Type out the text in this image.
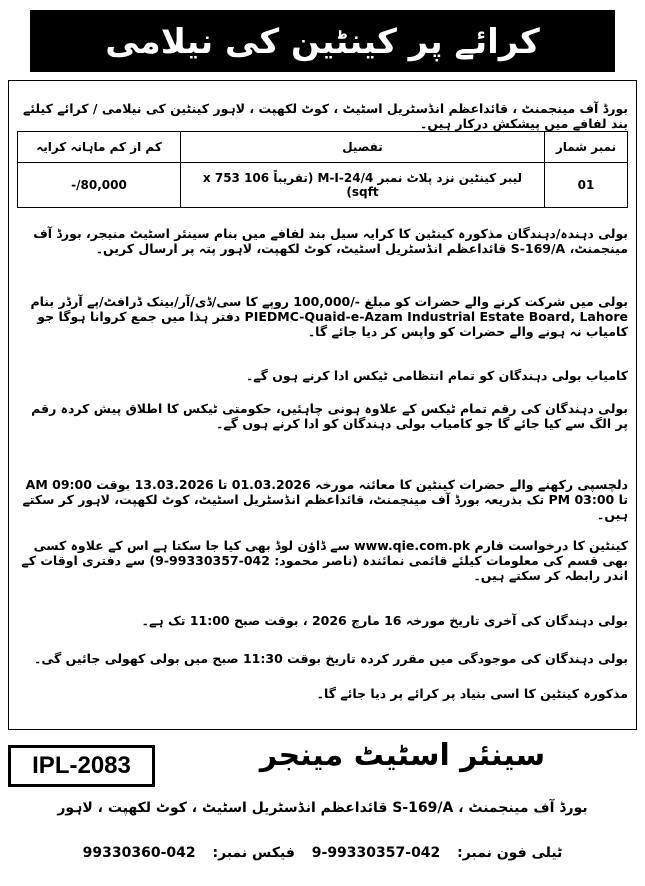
کرائے پر کینٹین کی نیلامی
بورڈ آف مینجمنٹ ، قائداعظم انڈسٹریل اسٹیٹ ، کوٹ لکھپت ، لاہور کینٹین کی نیلامی / کرائے کیلئے بند لفافے میں پیشکش درکار ہیں۔
نمبر شمار	تفصیل	کم از کم ماہانہ کرایہ
01	لیبر کینٹین نزد پلاٹ نمبر 24/4-M-I (تقریباً 106 x 753 sqft)	80,000/-
بولی دہندہ/دہندگان مذکورہ کینٹین کا کرایہ سیل بند لفافے میں بنام سینئر اسٹیٹ منیجر، بورڈ آف مینجمنٹ، S-169/A قائداعظم انڈسٹریل اسٹیٹ، کوٹ لکھپت، لاہور پتہ پر ارسال کریں۔
بولی میں شرکت کرنے والے حضرات کو مبلغ -/100,000 روپے کا سی/ڈی/آر/بینک ڈرافٹ/پے آرڈر بنام PIEDMC-Quaid-e-Azam Industrial Estate Board, Lahore دفتر ہذا میں جمع کروانا ہوگا جو کامیاب نہ ہونے والے حضرات کو واپس کر دیا جائے گا۔
کامیاب بولی دہندگان کو تمام انتظامی ٹیکس ادا کرنے ہوں گے۔
بولی دہندگان کی رقم تمام ٹیکس کے علاوہ ہونی چاہئیں، حکومتی ٹیکس کا اطلاق پیش کردہ رقم پر الگ سے کیا جائے گا جو کامیاب بولی دہندگان کو ادا کرنے ہوں گے۔
دلچسپی رکھنے والے حضرات کینٹین کا معائنہ مورخہ 01.03.2026 تا 13.03.2026 بوقت 09:00 AM تا 03:00 PM تک بذریعہ بورڈ آف مینجمنٹ، قائداعظم انڈسٹریل اسٹیٹ، کوٹ لکھپت، لاہور کر سکتے ہیں۔
کینٹین کا درخواست فارم www.qie.com.pk سے ڈاؤن لوڈ بھی کیا جا سکتا ہے اس کے علاوہ کسی بھی قسم کی معلومات کیلئے قائمی نمائندہ (ناصر محمود: 042-99330357-9) سے دفتری اوقات کے اندر رابطہ کر سکتے ہیں۔
بولی دہندگان کی آخری تاریخ مورخہ 16 مارچ 2026 ، بوقت صبح 11:00 تک ہے۔
بولی دہندگان کی موجودگی میں مقرر کردہ تاریخ بوقت 11:30 صبح میں بولی کھولی جائیں گی۔
مذکورہ کینٹین کا اسی بنیاد پر کرائے پر دیا جائے گا۔
IPL-2083	سینئر اسٹیٹ مینجر
بورڈ آف مینجمنٹ ، S-169/A قائداعظم انڈسٹریل اسٹیٹ ، کوٹ لکھپت ، لاہور
ٹیلی فون نمبر: 042-99330357-9 فیکس نمبر: 042-99330360
